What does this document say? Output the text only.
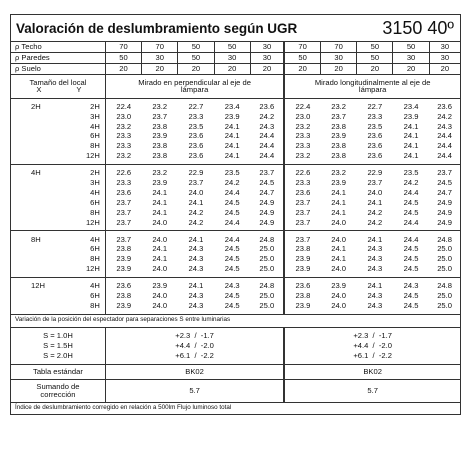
Valoración de deslumbramiento según UGR	3150 40º
ρ Techo		70	70	50	50	30	70	70	50	50	30
ρ Paredes		50	30	50	30	30	50	30	50	30	30
ρ Suelo		20	20	20	20	20	20	20	20	20	20

Tamaño del local
X Y		Mirado en perpendicular al eje de lámpara					Mirado longitudinalmente al eje de lámpara				
2H	2H	22.4	23.2	22.7	23.4	23.6	22.4	23.2	22.7	23.4	23.6
	3H	23.0	23.7	23.3	23.9	24.2	23.0	23.7	23.3	23.9	24.2
	4H	23.2	23.8	23.5	24.1	24.3	23.2	23.8	23.5	24.1	24.3
	6H	23.3	23.9	23.6	24.1	24.4	23.3	23.9	23.6	24.1	24.4
	8H	23.3	23.8	23.6	24.1	24.4	23.3	23.8	23.6	24.1	24.4
	12H	23.2	23.8	23.6	24.1	24.4	23.2	23.8	23.6	24.1	24.4
4H	2H	22.6	23.2	22.9	23.5	23.7	22.6	23.2	22.9	23.5	23.7
	3H	23.3	23.9	23.7	24.2	24.5	23.3	23.9	23.7	24.2	24.5
	4H	23.6	24.1	24.0	24.4	24.7	23.6	24.1	24.0	24.4	24.7
	6H	23.7	24.1	24.1	24.5	24.9	23.7	24.1	24.1	24.5	24.9
	8H	23.7	24.1	24.2	24.5	24.9	23.7	24.1	24.2	24.5	24.9
	12H	23.7	24.0	24.2	24.4	24.9	23.7	24.0	24.2	24.4	24.9
8H	4H	23.7	24.0	24.1	24.4	24.8	23.7	24.0	24.1	24.4	24.8
	6H	23.8	24.1	24.3	24.5	25.0	23.8	24.1	24.3	24.5	25.0
	8H	23.9	24.1	24.3	24.5	25.0	23.9	24.1	24.3	24.5	25.0
	12H	23.9	24.0	24.3	24.5	25.0	23.9	24.0	24.3	24.5	25.0
12H	4H	23.6	23.9	24.1	24.3	24.8	23.6	23.9	24.1	24.3	24.8
	6H	23.8	24.0	24.3	24.5	25.0	23.8	24.0	24.3	24.5	25.0
	8H	23.9	24.0	24.3	24.5	25.0	23.9	24.0	24.3	24.5	25.0
Variación de la posición del espectador para separaciones S entre luminarias											
S = 1.0H		+2.3  /  -1.7					+2.3  /  -1.7				
S = 1.5H		+4.4  /  -2.0					+4.4  /  -2.0				
S = 2.0H		+6.1  /  -2.2					+6.1  /  -2.2				
Tabla estándar		BK02					BK02				
Sumando de corrección		5.7					5.7				
Índice de deslumbramiento corregido en relación a 500lm Flujo luminoso total											
